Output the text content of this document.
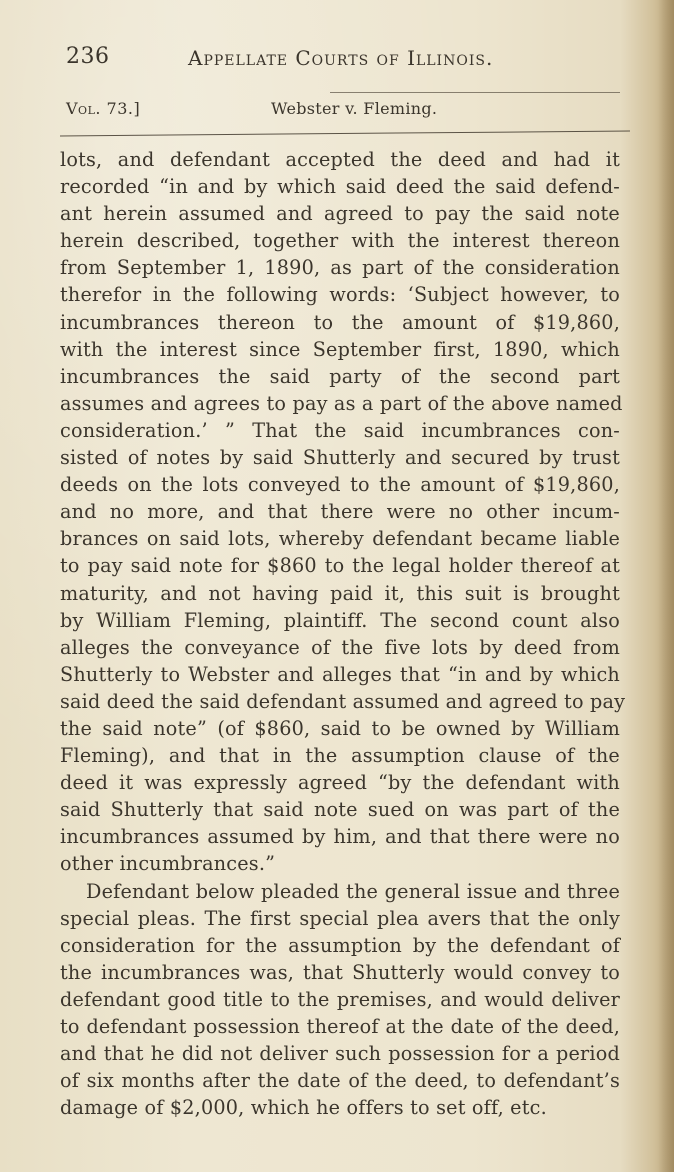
236	Appellate Courts of Illinois.
Vol. 73.]	Webster v. Fleming.
lots, and defendant accepted the deed and had it
recorded “in and by which said deed the said defend-
ant herein assumed and agreed to pay the said note
herein described, together with the interest thereon
from September 1, 1890, as part of the consideration
therefor in the following words: ‘Subject however, to
incumbrances thereon to the amount of $19,860,
with the interest since September first, 1890, which
incumbrances the said party of the second part
assumes and agrees to pay as a part of the above named
consideration.’ ” That the said incumbrances con-
sisted of notes by said Shutterly and secured by trust
deeds on the lots conveyed to the amount of $19,860,
and no more, and that there were no other incum-
brances on said lots, whereby defendant became liable
to pay said note for $860 to the legal holder thereof at
maturity, and not having paid it, this suit is brought
by William Fleming, plaintiff. The second count also
alleges the conveyance of the five lots by deed from
Shutterly to Webster and alleges that “in and by which
said deed the said defendant assumed and agreed to pay
the said note” (of $860, said to be owned by William
Fleming), and that in the assumption clause of the
deed it was expressly agreed “by the defendant with
said Shutterly that said note sued on was part of the
incumbrances assumed by him, and that there were no
other incumbrances.”
Defendant below pleaded the general issue and three
special pleas. The first special plea avers that the only
consideration for the assumption by the defendant of
the incumbrances was, that Shutterly would convey to
defendant good title to the premises, and would deliver
to defendant possession thereof at the date of the deed,
and that he did not deliver such possession for a period
of six months after the date of the deed, to defendant’s
damage of $2,000, which he offers to set off, etc.
